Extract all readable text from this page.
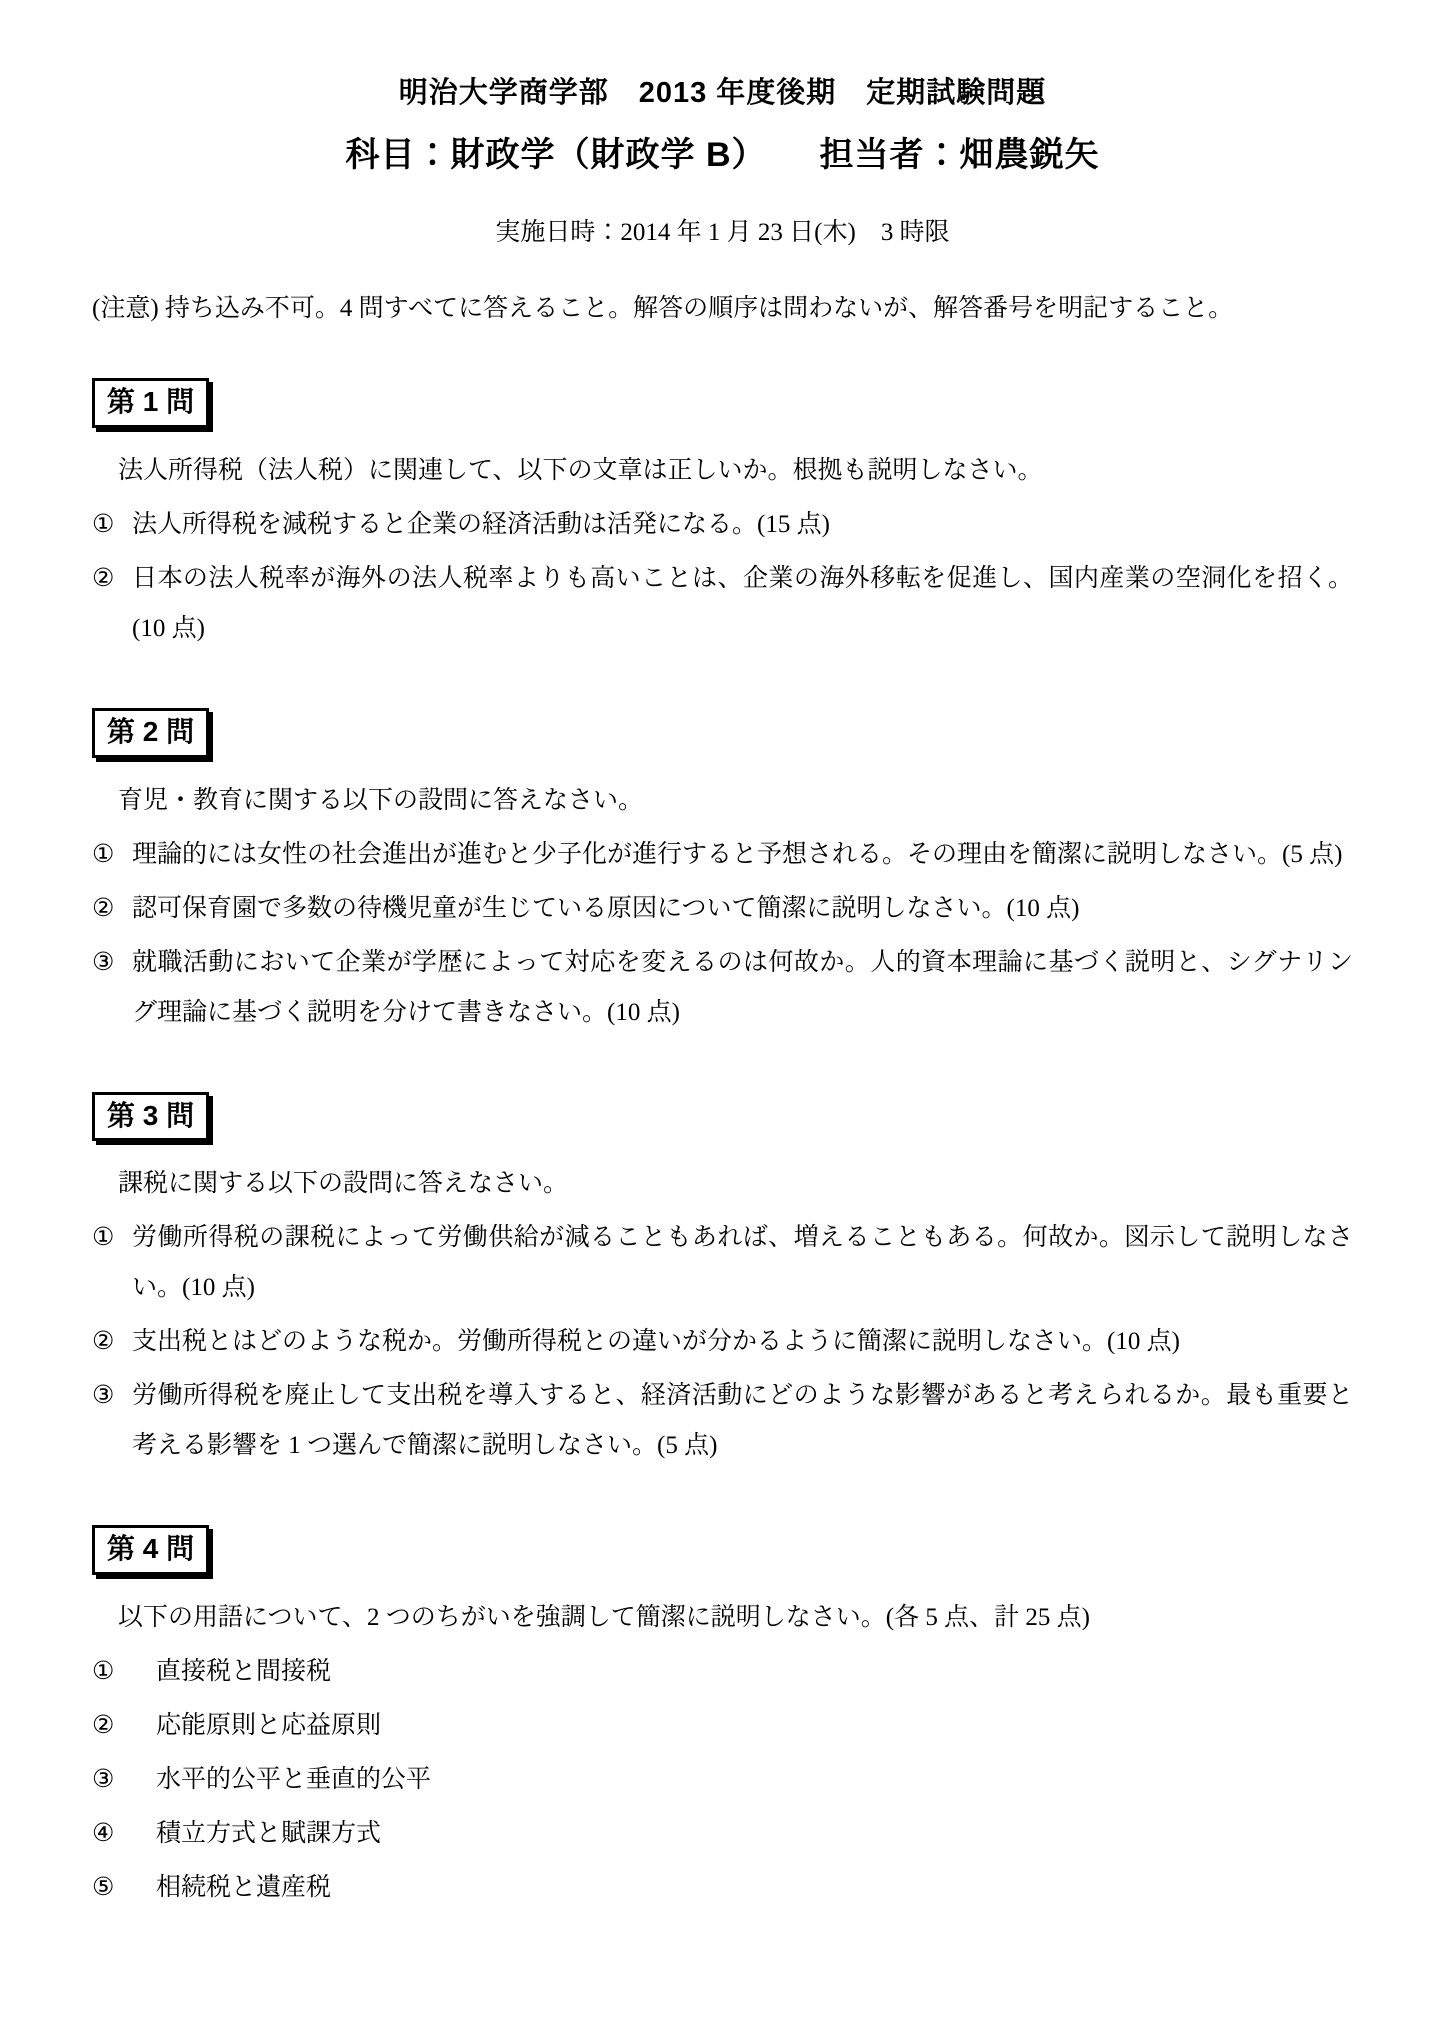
明治大学商学部　2013 年度後期　定期試験問題
科目：財政学（財政学 B）　　担当者：畑農鋭矢
実施日時：2014 年 1 月 23 日(木)　3 時限
(注意) 持ち込み不可。4 問すべてに答えること。解答の順序は問わないが、解答番号を明記すること。
第 1 問

法人所得税（法人税）に関連して、以下の文章は正しいか。根拠も説明しなさい。

① 法人所得税を減税すると企業の経済活動は活発になる。(15 点)
② 日本の法人税率が海外の法人税率よりも高いことは、企業の海外移転を促進し、国内産業の空洞化を招く。(10 点)
第 2 問

育児・教育に関する以下の設問に答えなさい。

① 理論的には女性の社会進出が進むと少子化が進行すると予想される。その理由を簡潔に説明しなさい。(5 点)
② 認可保育園で多数の待機児童が生じている原因について簡潔に説明しなさい。(10 点)
③ 就職活動において企業が学歴によって対応を変えるのは何故か。人的資本理論に基づく説明と、シグナリング理論に基づく説明を分けて書きなさい。(10 点)
第 3 問

課税に関する以下の設問に答えなさい。

① 労働所得税の課税によって労働供給が減ることもあれば、増えることもある。何故か。図示して説明しなさい。(10 点)
② 支出税とはどのような税か。労働所得税との違いが分かるように簡潔に説明しなさい。(10 点)
③ 労働所得税を廃止して支出税を導入すると、経済活動にどのような影響があると考えられるか。最も重要と考える影響を 1 つ選んで簡潔に説明しなさい。(5 点)
第 4 問

以下の用語について、2 つのちがいを強調して簡潔に説明しなさい。(各 5 点、計 25 点)

①	直接税と間接税
②	応能原則と応益原則
③	水平的公平と垂直的公平
④	積立方式と賦課方式
⑤	相続税と遺産税
